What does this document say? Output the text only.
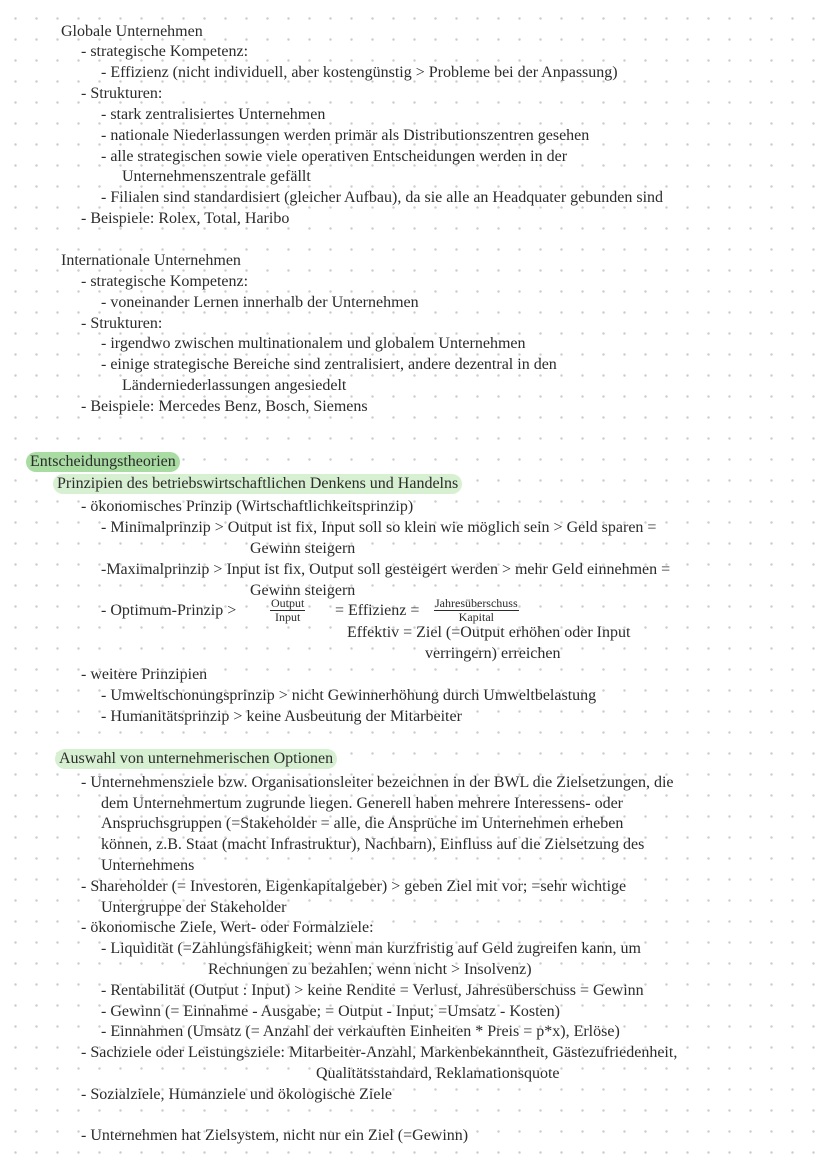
Globale Unternehmen
- strategische Kompetenz:
- Effizienz (nicht individuell, aber kostengünstig > Probleme bei der Anpassung)
- Strukturen:
- stark zentralisiertes Unternehmen
- nationale Niederlassungen werden primär als Distributionszentren gesehen
- alle strategischen sowie viele operativen Entscheidungen werden in der
Unternehmenszentrale gefällt
- Filialen sind standardisiert (gleicher Aufbau), da sie alle an Headquater gebunden sind
- Beispiele: Rolex, Total, Haribo
Internationale Unternehmen
- strategische Kompetenz:
- voneinander Lernen innerhalb der Unternehmen
- Strukturen:
- irgendwo zwischen multinationalem und globalem Unternehmen
- einige strategische Bereiche sind zentralisiert, andere dezentral in den
Länderniederlassungen angesiedelt
- Beispiele: Mercedes Benz, Bosch, Siemens
Entscheidungstheorien
Prinzipien des betriebswirtschaftlichen Denkens und Handelns
- ökonomisches Prinzip (Wirtschaftlichkeitsprinzip)
- Minimalprinzip > Output ist fix, Input soll so klein wie möglich sein > Geld sparen =
Gewinn steigern
-Maximalprinzip > Input ist fix, Output soll gesteigert werden > mehr Geld einnehmen =
Gewinn steigern
- Optimum-Prinzip >	Output
Input	= Effizienz = Jahresüberschuss
Kapital
Effektiv = Ziel (=Output erhöhen oder Input
verringern) erreichen
- weitere Prinzipien
- Umweltschonungsprinzip > nicht Gewinnerhöhung durch Umweltbelastung
- Humanitätsprinzip > keine Ausbeutung der Mitarbeiter
Auswahl von unternehmerischen Optionen
- Unternehmensziele bzw. Organisationsleiter bezeichnen in der BWL die Zielsetzungen, die
dem Unternehmertum zugrunde liegen. Generell haben mehrere Interessens- oder
Anspruchsgruppen (=Stakeholder = alle, die Ansprüche im Unternehmen erheben
können, z.B. Staat (macht Infrastruktur), Nachbarn), Einfluss auf die Zielsetzung des
Unternehmens
- Shareholder (= Investoren, Eigenkapitalgeber) > geben Ziel mit vor; =sehr wichtige
Untergruppe der Stakeholder
- ökonomische Ziele, Wert- oder Formalziele:
- Liquidität (=Zahlungsfähigkeit; wenn man kurzfristig auf Geld zugreifen kann, um
Rechnungen zu bezahlen; wenn nicht > Insolvenz)
- Rentabilität (Output : Input) > keine Rendite = Verlust, Jahresüberschuss = Gewinn
- Gewinn (= Einnahme - Ausgabe; = Output - Input; =Umsatz - Kosten)
- Einnahmen (Umsatz (= Anzahl der verkauften Einheiten * Preis = p*x), Erlöse)
- Sachziele oder Leistungsziele: Mitarbeiter-Anzahl, Markenbekanntheit, Gästezufriedenheit,
Qualitätsstandard, Reklamationsquote
- Sozialziele, Humanziele und ökologische Ziele
- Unternehmen hat Zielsystem, nicht nur ein Ziel (=Gewinn)
